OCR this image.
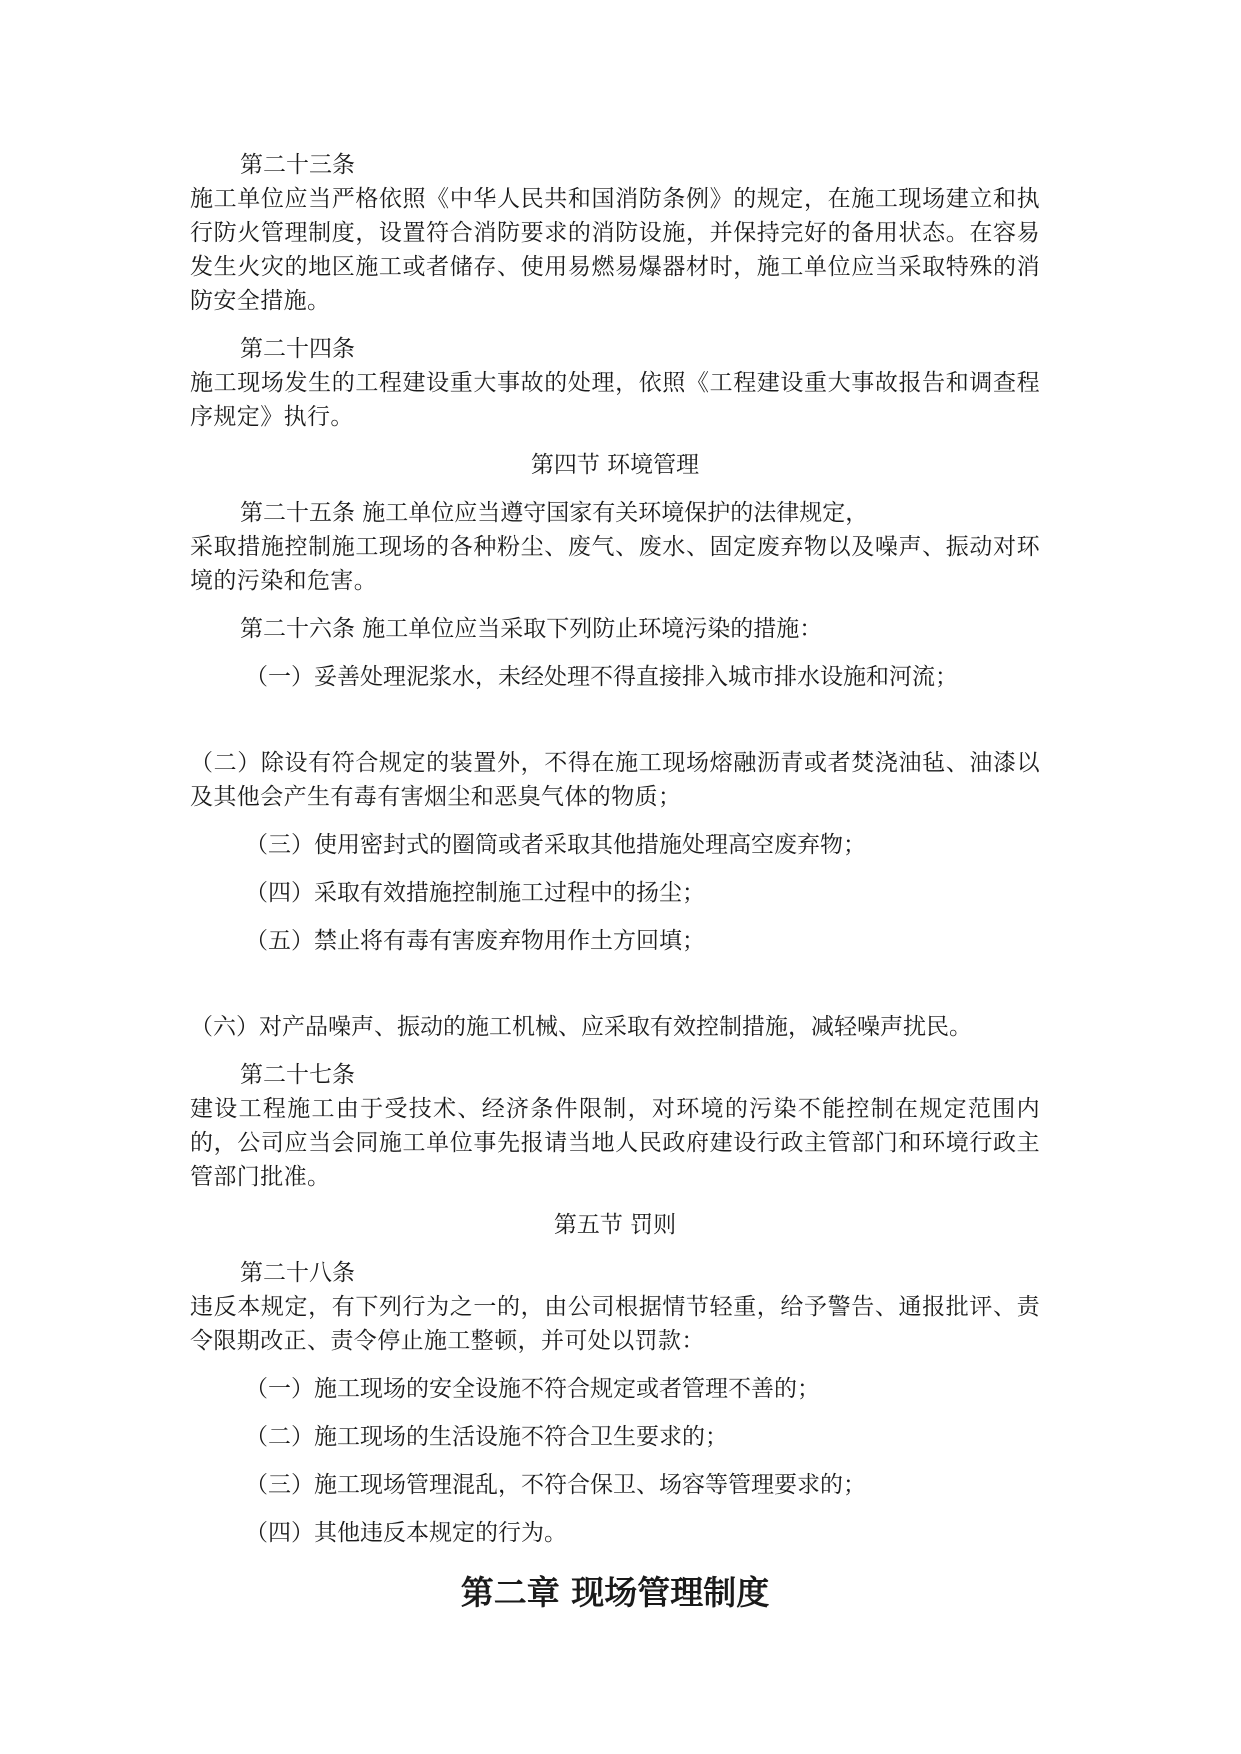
第二十三条

施工单位应当严格依照《中华人民共和国消防条例》的规定，在施工现场建立和执行防火管理制度，设置符合消防要求的消防设施，并保持完好的备用状态。在容易发生火灾的地区施工或者储存、使用易燃易爆器材时，施工单位应当采取特殊的消防安全措施。

第二十四条

施工现场发生的工程建设重大事故的处理，依照《工程建设重大事故报告和调查程序规定》执行。

第四节 环境管理

第二十五条 施工单位应当遵守国家有关环境保护的法律规定，

采取措施控制施工现场的各种粉尘、废气、废水、固定废弃物以及噪声、振动对环境的污染和危害。

第二十六条 施工单位应当采取下列防止环境污染的措施：

（一）妥善处理泥浆水，未经处理不得直接排入城市排水设施和河流；

（二）除设有符合规定的装置外，不得在施工现场熔融沥青或者焚浇油毡、油漆以及其他会产生有毒有害烟尘和恶臭气体的物质；

（三）使用密封式的圈筒或者采取其他措施处理高空废弃物；

（四）采取有效措施控制施工过程中的扬尘；

（五）禁止将有毒有害废弃物用作土方回填；

（六）对产品噪声、振动的施工机械、应采取有效控制措施，减轻噪声扰民。

第二十七条

建设工程施工由于受技术、经济条件限制，对环境的污染不能控制在规定范围内的，公司应当会同施工单位事先报请当地人民政府建设行政主管部门和环境行政主管部门批准。

第五节 罚则

第二十八条

违反本规定，有下列行为之一的，由公司根据情节轻重，给予警告、通报批评、责令限期改正、责令停止施工整顿，并可处以罚款：

（一）施工现场的安全设施不符合规定或者管理不善的；

（二）施工现场的生活设施不符合卫生要求的；

（三）施工现场管理混乱，不符合保卫、场容等管理要求的；

（四）其他违反本规定的行为。

第二章 现场管理制度
